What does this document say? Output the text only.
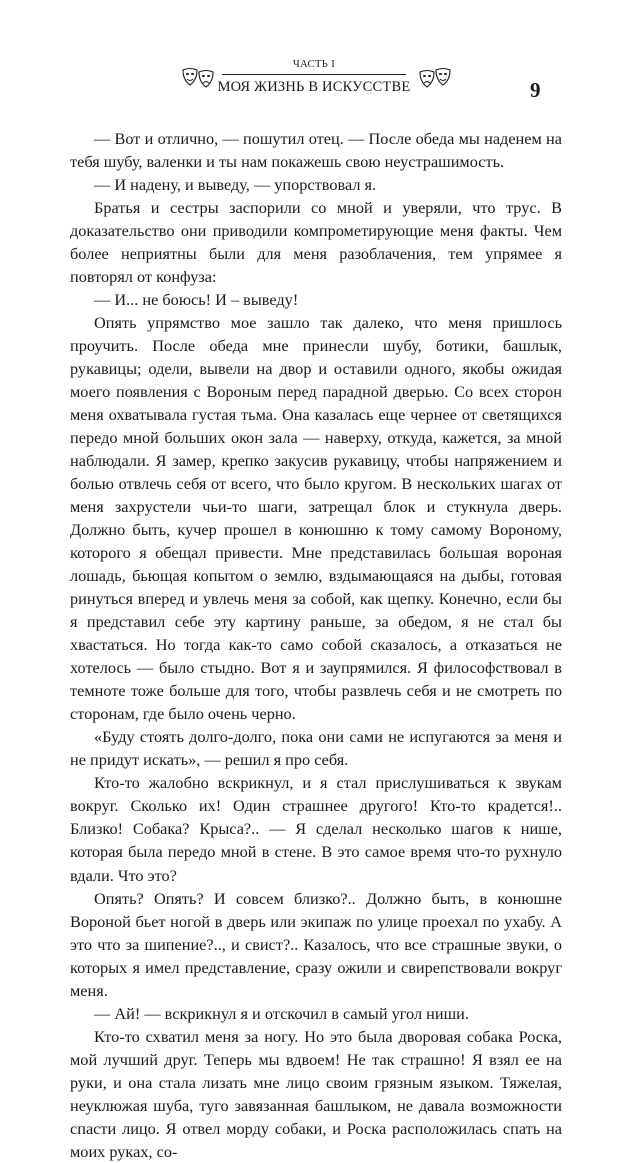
ЧАСТЬ I
МОЯ ЖИЗНЬ В ИСКУССТВЕ	9

— Вот и отлично, — пошутил отец. — После обеда мы наденем на тебя шубу, валенки и ты нам покажешь свою неустрашимость.

— И надену, и выведу, — упорствовал я.

Братья и сестры заспорили со мной и уверяли, что трус. В доказательство они приводили компрометирующие меня факты. Чем более неприятны были для меня разоблачения, тем упрямее я повторял от конфуза:

— И... не боюсь! И – выведу!

Опять упрямство мое зашло так далеко, что меня пришлось проучить. После обеда мне принесли шубу, ботики, башлык, рукавицы; одели, вывели на двор и оставили одного, якобы ожидая моего появления с Вороным перед парадной дверью. Со всех сторон меня охватывала густая тьма. Она казалась еще чернее от светящихся передо мной больших окон зала — наверху, откуда, кажется, за мной наблюдали. Я замер, крепко закусив рукавицу, чтобы напряжением и болью отвлечь себя от всего, что было кругом. В нескольких шагах от меня захрустели чьи-то шаги, затрещал блок и стукнула дверь. Должно быть, кучер прошел в конюшню к тому самому Вороному, которого я обещал привести. Мне представилась большая вороная лошадь, бьющая копытом о землю, вздымающаяся на дыбы, готовая ринуться вперед и увлечь меня за собой, как щепку. Конечно, если бы я представил себе эту картину раньше, за обедом, я не стал бы хвастаться. Но тогда как-то само собой сказалось, а отказаться не хотелось — было стыдно. Вот я и заупрямился. Я философствовал в темноте тоже больше для того, чтобы развлечь себя и не смотреть по сторонам, где было очень черно.

«Буду стоять долго-долго, пока они сами не испугаются за меня и не придут искать», — решил я про себя.

Кто-то жалобно вскрикнул, и я стал прислушиваться к звукам вокруг. Сколько их! Один страшнее другого! Кто-то крадется!.. Близко! Собака? Крыса?.. — Я сделал несколько шагов к нише, которая была передо мной в стене. В это самое время что-то рухнуло вдали. Что это?

Опять? Опять? И совсем близко?.. Должно быть, в конюшне Вороной бьет ногой в дверь или экипаж по улице проехал по ухабу. А это что за шипение?.., и свист?.. Казалось, что все страшные звуки, о которых я имел представление, сразу ожили и свирепствовали вокруг меня.

— Ай! — вскрикнул я и отскочил в самый угол ниши.

Кто-то схватил меня за ногу. Но это была дворовая собака Роска, мой лучший друг. Теперь мы вдвоем! Не так страшно! Я взял ее на руки, и она стала лизать мне лицо своим грязным языком. Тяжелая, неуклюжая шуба, туго завязанная башлыком, не давала возможности спасти лицо. Я отвел морду собаки, и Роска расположилась спать на моих руках, со-
